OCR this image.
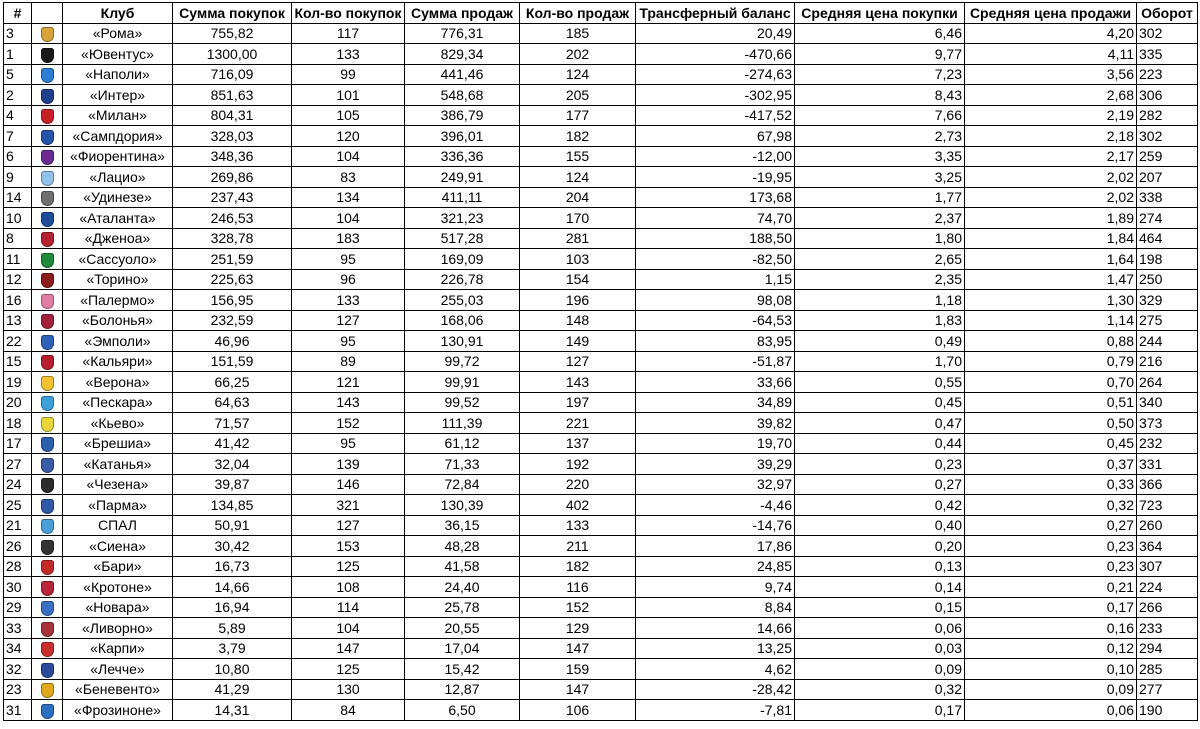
#		Клуб	Сумма покупок	Кол-во покупок	Сумма продаж	Кол-во продаж	Трансферный баланс	Средняя цена покупки	Средняя цена продажи	Оборот
3		«Рома»	755,82	117	776,31	185	20,49	6,46	4,20	302
1		«Ювентус»	1300,00	133	829,34	202	-470,66	9,77	4,11	335
5		«Наполи»	716,09	99	441,46	124	-274,63	7,23	3,56	223
2		«Интер»	851,63	101	548,68	205	-302,95	8,43	2,68	306
4		«Милан»	804,31	105	386,79	177	-417,52	7,66	2,19	282
7		«Сампдория»	328,03	120	396,01	182	67,98	2,73	2,18	302
6		«Фиорентина»	348,36	104	336,36	155	-12,00	3,35	2,17	259
9		«Лацио»	269,86	83	249,91	124	-19,95	3,25	2,02	207
14		«Удинезе»	237,43	134	411,11	204	173,68	1,77	2,02	338
10		«Аталанта»	246,53	104	321,23	170	74,70	2,37	1,89	274
8		«Дженоа»	328,78	183	517,28	281	188,50	1,80	1,84	464
11		«Сассуоло»	251,59	95	169,09	103	-82,50	2,65	1,64	198
12		«Торино»	225,63	96	226,78	154	1,15	2,35	1,47	250
16		«Палермо»	156,95	133	255,03	196	98,08	1,18	1,30	329
13		«Болонья»	232,59	127	168,06	148	-64,53	1,83	1,14	275
22		«Эмполи»	46,96	95	130,91	149	83,95	0,49	0,88	244
15		«Кальяри»	151,59	89	99,72	127	-51,87	1,70	0,79	216
19		«Верона»	66,25	121	99,91	143	33,66	0,55	0,70	264
20		«Пескара»	64,63	143	99,52	197	34,89	0,45	0,51	340
18		«Кьево»	71,57	152	111,39	221	39,82	0,47	0,50	373
17		«Брешиа»	41,42	95	61,12	137	19,70	0,44	0,45	232
27		«Катанья»	32,04	139	71,33	192	39,29	0,23	0,37	331
24		«Чезена»	39,87	146	72,84	220	32,97	0,27	0,33	366
25		«Парма»	134,85	321	130,39	402	-4,46	0,42	0,32	723
21		СПАЛ	50,91	127	36,15	133	-14,76	0,40	0,27	260
26		«Сиена»	30,42	153	48,28	211	17,86	0,20	0,23	364
28		«Бари»	16,73	125	41,58	182	24,85	0,13	0,23	307
30		«Кротоне»	14,66	108	24,40	116	9,74	0,14	0,21	224
29		«Новара»	16,94	114	25,78	152	8,84	0,15	0,17	266
33		«Ливорно»	5,89	104	20,55	129	14,66	0,06	0,16	233
34		«Карпи»	3,79	147	17,04	147	13,25	0,03	0,12	294
32		«Лечче»	10,80	125	15,42	159	4,62	0,09	0,10	285
23		«Беневенто»	41,29	130	12,87	147	-28,42	0,32	0,09	277
31		«Фрозиноне»	14,31	84	6,50	106	-7,81	0,17	0,06	190
